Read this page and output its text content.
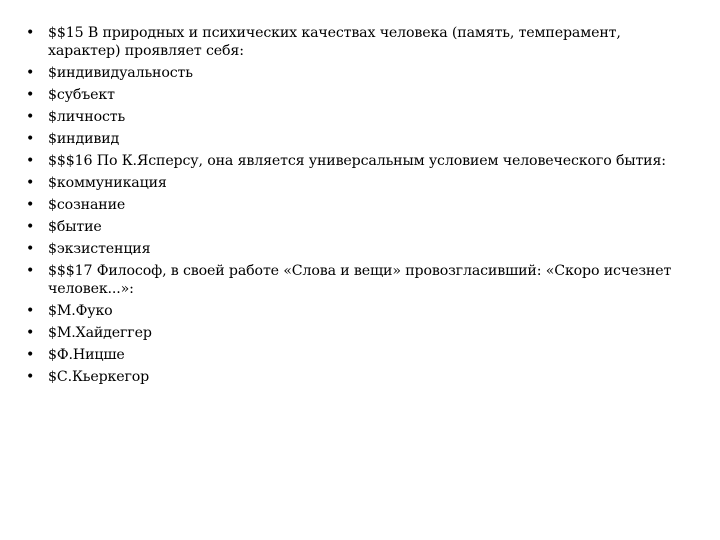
• $$15 В природных и психических качествах человека (память, темперамент, характер) проявляет себя:
• $индивидуальность
• $субъект
• $личность
• $индивид
• $$$16 По К.Ясперсу, она является универсальным условием человеческого бытия:
• $коммуникация
• $сознание
• $бытие
• $экзистенция
• $$$17 Философ, в своей работе «Слова и вещи» провозгласивший: «Скоро исчезнет человек...»:
• $М.Фуко
• $М.Хайдеггер
• $Ф.Ницше
• $С.Кьеркегор
